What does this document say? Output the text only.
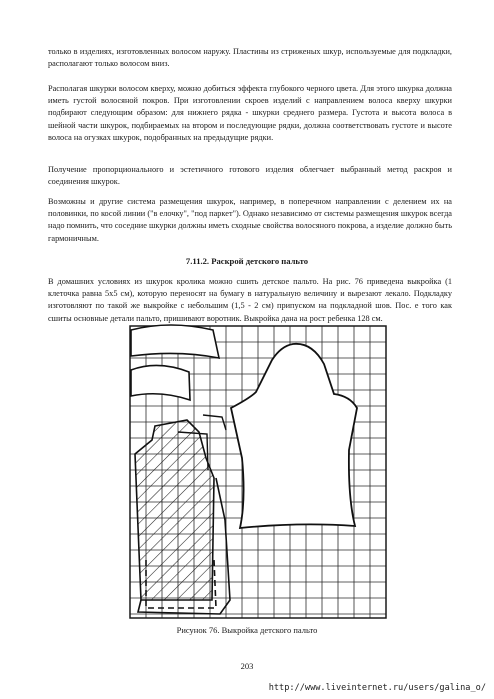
только в изделиях, изготовленных волосом наружу. Пластины из стриженых шкур, используемые для подкладки, располагают только волосом вниз.

Располагая шкурки волосом кверху, можно добиться эффекта глубокого черного цвета. Для этого шкурка должна иметь густой волосяной покров. При изготовлении скроев изделий с направлением волоса кверху шкурки подбирают следующим образом: для нижнего рядка - шкурки среднего размера. Густота и высота волоса в шейной части шкурок, подбираемых на втором и последующие рядки, должна соответствовать густоте и высоте волоса на огузках шкурок, подобранных на предыдущие рядки.

Получение пропорционального и эстетичного готового изделия облегчает выбранный метод раскроя и соединения шкурок.

Возможны и другие система размещения шкурок, например, в поперечном направлении с делением их на половинки, по косой линии ("в елочку", "под паркет"). Однако независимо от системы размещения шкурок всегда надо помнить, что соседние шкурки должны иметь сходные свойства волосяного покрова, а изделие должно быть гармоничным.

7.11.2. Раскрой детского пальто

В домашних условиях из шкурок кролика можно сшить детское пальто. На рис. 76 приведена выкройка (1 клеточка равна 5х5 см), которую переносят на бумагу в натуральную величину и вырезают лекало. Подкладку изготовляют по такой же выкройке с небольшим (1,5 - 2 см) припуском на подкладной шов. Пос. е того как сшиты основные детали пальто, пришивают воротник. Выкройка дана на рост ребенка 128 см.

Рисунок 76. Выкройка детского пальто
203
http://www.liveinternet.ru/users/galina_o/
